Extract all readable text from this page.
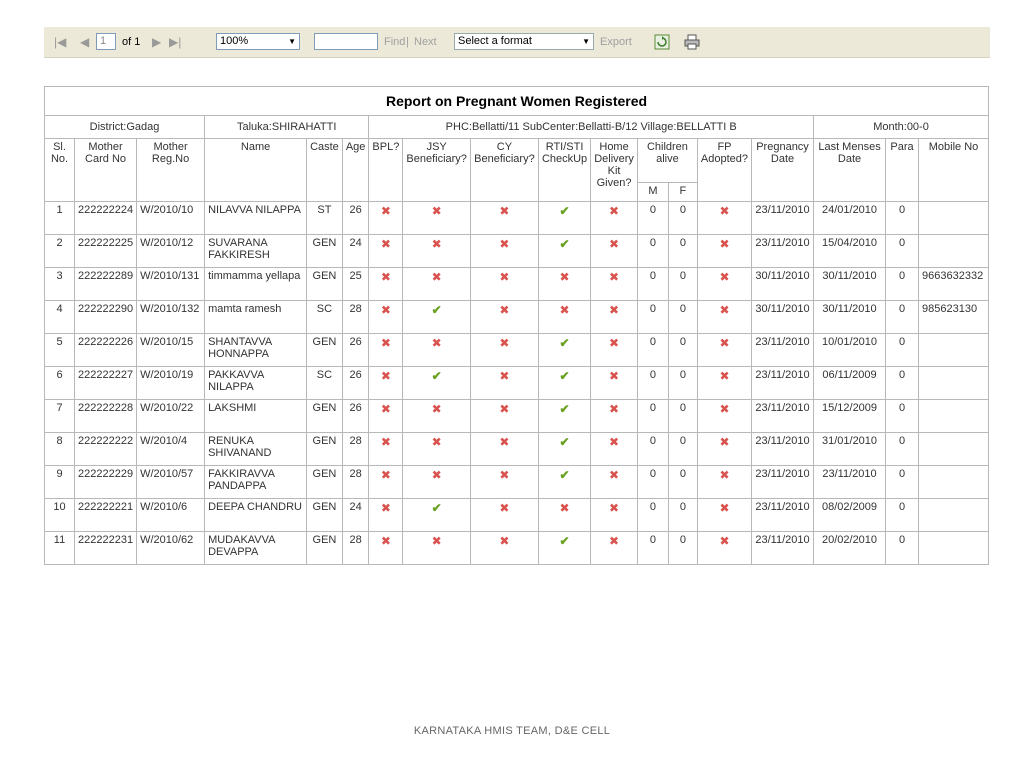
|◀ ◀ 1	of 1 ▶ ▶|	100%	▼	Find | Next	Select a format	▼ Export
Report on Pregnant Women Registered																	
District:Gadag			Taluka:SHIRAHATTI			PHC:Bellatti/11 SubCenter:Bellatti-B/12 Village:BELLATTI B									Month:00-0		
Sl. No.	Mother Card No	Mother Reg.No	Name	Caste	Age	BPL?	JSY Beneficiary?	CY Beneficiary?	RTI/STI CheckUp	Home Delivery Kit Given?	Children alive		FP Adopted?	Pregnancy Date	Last Menses Date	Para	Mobile No
											M	F					
1	222222224	W/2010/10	NILAVVA NILAPPA	ST	26	✖	✖	✖	✔	✖	0	0	✖	23/11/2010	24/01/2010	0	
2	222222225	W/2010/12	SUVARANA FAKKIRESH	GEN	24	✖	✖	✖	✔	✖	0	0	✖	23/11/2010	15/04/2010	0	
3	222222289	W/2010/131	timmamma yellapa	GEN	25	✖	✖	✖	✖	✖	0	0	✖	30/11/2010	30/11/2010	0	9663632332
4	222222290	W/2010/132	mamta ramesh	SC	28	✖	✔	✖	✖	✖	0	0	✖	30/11/2010	30/11/2010	0	985623130
5	222222226	W/2010/15	SHANTAVVA HONNAPPA	GEN	26	✖	✖	✖	✔	✖	0	0	✖	23/11/2010	10/01/2010	0	
6	222222227	W/2010/19	PAKKAVVA NILAPPA	SC	26	✖	✔	✖	✔	✖	0	0	✖	23/11/2010	06/11/2009	0	
7	222222228	W/2010/22	LAKSHMI	GEN	26	✖	✖	✖	✔	✖	0	0	✖	23/11/2010	15/12/2009	0	
8	222222222	W/2010/4	RENUKA SHIVANAND	GEN	28	✖	✖	✖	✔	✖	0	0	✖	23/11/2010	31/01/2010	0	
9	222222229	W/2010/57	FAKKIRAVVA PANDAPPA	GEN	28	✖	✖	✖	✔	✖	0	0	✖	23/11/2010	23/11/2010	0	
10	222222221	W/2010/6	DEEPA CHANDRU	GEN	24	✖	✔	✖	✖	✖	0	0	✖	23/11/2010	08/02/2009	0	
11	222222231	W/2010/62	MUDAKAVVA DEVAPPA	GEN	28	✖	✖	✖	✔	✖	0	0	✖	23/11/2010	20/02/2010	0	
KARNATAKA HMIS TEAM, D&E CELL
